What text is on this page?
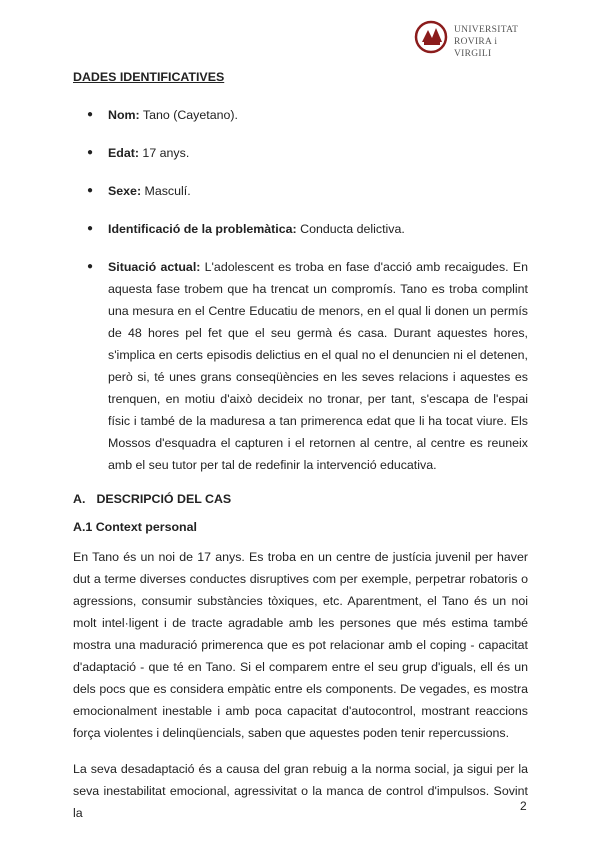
UNIVERSITAT
ROVIRA i VIRGILI
DADES IDENTIFICATIVES
● Nom: Tano (Cayetano).
● Edat: 17 anys.
● Sexe: Masculí.
● Identificació de la problemàtica: Conducta delictiva.
● Situació actual: L'adolescent es troba en fase d'acció amb recaigudes. En aquesta fase trobem que ha trencat un compromís. Tano es troba complint una mesura en el Centre Educatiu de menors, en el qual li donen un permís de 48 hores pel fet que el seu germà és casa. Durant aquestes hores, s'implica en certs episodis delictius en el qual no el denuncien ni el detenen, però si, té unes grans conseqüències en les seves relacions i aquestes es trenquen, en motiu d'això decideix no tronar, per tant, s'escapa de l'espai físic i també de la maduresa a tan primerenca edat que li ha tocat viure. Els Mossos d'esquadra el capturen i el retornen al centre, al centre es reuneix amb el seu tutor per tal de redefinir la intervenció educativa.
A. DESCRIPCIÓ DEL CAS
A.1 Context personal

En Tano és un noi de 17 anys. Es troba en un centre de justícia juvenil per haver dut a terme diverses conductes disruptives com per exemple, perpetrar robatoris o agressions, consumir substàncies tòxiques, etc. Aparentment, el Tano és un noi molt intel·ligent i de tracte agradable amb les persones que més estima també mostra una maduració primerenca que es pot relacionar amb el coping - capacitat d'adaptació - que té en Tano. Si el comparem entre el seu grup d'iguals, ell és un dels pocs que es considera empàtic entre els components. De vegades, es mostra emocionalment inestable i amb poca capacitat d'autocontrol, mostrant reaccions força violentes i delinqüencials, saben que aquestes poden tenir repercussions.

La seva desadaptació és a causa del gran rebuig a la norma social, ja sigui per la seva inestabilitat emocional, agressivitat o la manca de control d'impulsos. Sovint la	2
